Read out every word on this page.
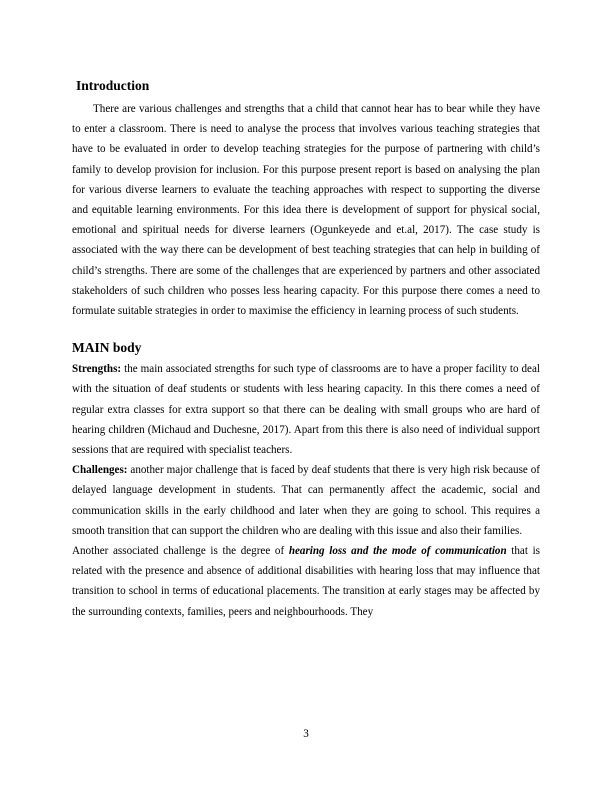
Introduction

There are various challenges and strengths that a child that cannot hear has to bear while they have to enter a classroom. There is need to analyse the process that involves various teaching strategies that have to be evaluated in order to develop teaching strategies for the purpose of partnering with child’s family to develop provision for inclusion. For this purpose present report is based on analysing the plan for various diverse learners to evaluate the teaching approaches with respect to supporting the diverse and equitable learning environments. For this idea there is development of support for physical social, emotional and spiritual needs for diverse learners (Ogunkeyede and et.al, 2017). The case study is associated with the way there can be development of best teaching strategies that can help in building of child’s strengths. There are some of the challenges that are experienced by partners and other associated stakeholders of such children who posses less hearing capacity. For this purpose there comes a need to formulate suitable strategies in order to maximise the efficiency in learning process of such students.

MAIN body

Strengths: the main associated strengths for such type of classrooms are to have a proper facility to deal with the situation of deaf students or students with less hearing capacity. In this there comes a need of regular extra classes for extra support so that there can be dealing with small groups who are hard of hearing children (Michaud and Duchesne, 2017). Apart from this there is also need of individual support sessions that are required with specialist teachers.

Challenges: another major challenge that is faced by deaf students that there is very high risk because of delayed language development in students. That can permanently affect the academic, social and communication skills in the early childhood and later when they are going to school. This requires a smooth transition that can support the children who are dealing with this issue and also their families.

Another associated challenge is the degree of hearing loss and the mode of communication that is related with the presence and absence of additional disabilities with hearing loss that may influence that transition to school in terms of educational placements. The transition at early stages may be affected by the surrounding contexts, families, peers and neighbourhoods. They

3
